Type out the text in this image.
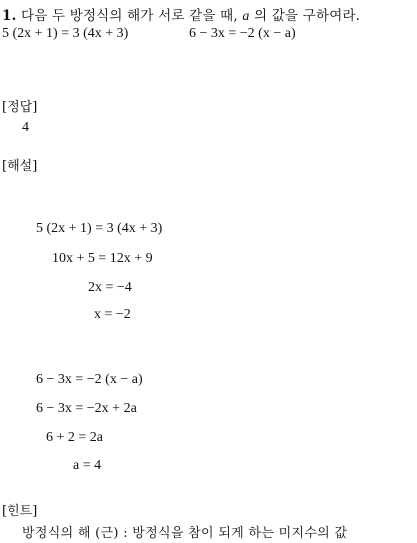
1. 다음 두 방정식의 해가 서로 같을 때, a 의 값을 구하여라.
5 (2x + 1) = 3 (4x + 3)	6 − 3x = −2 (x − a)
[정답]
4
[해설]
5 (2x + 1) = 3 (4x + 3)
10x + 5 = 12x + 9
2x = −4
x = −2
6 − 3x = −2 (x − a)
6 − 3x = −2x + 2a
6 + 2 = 2a
a = 4
[힌트]
방정식의 해 (근) : 방정식을 참이 되게 하는 미지수의 값
